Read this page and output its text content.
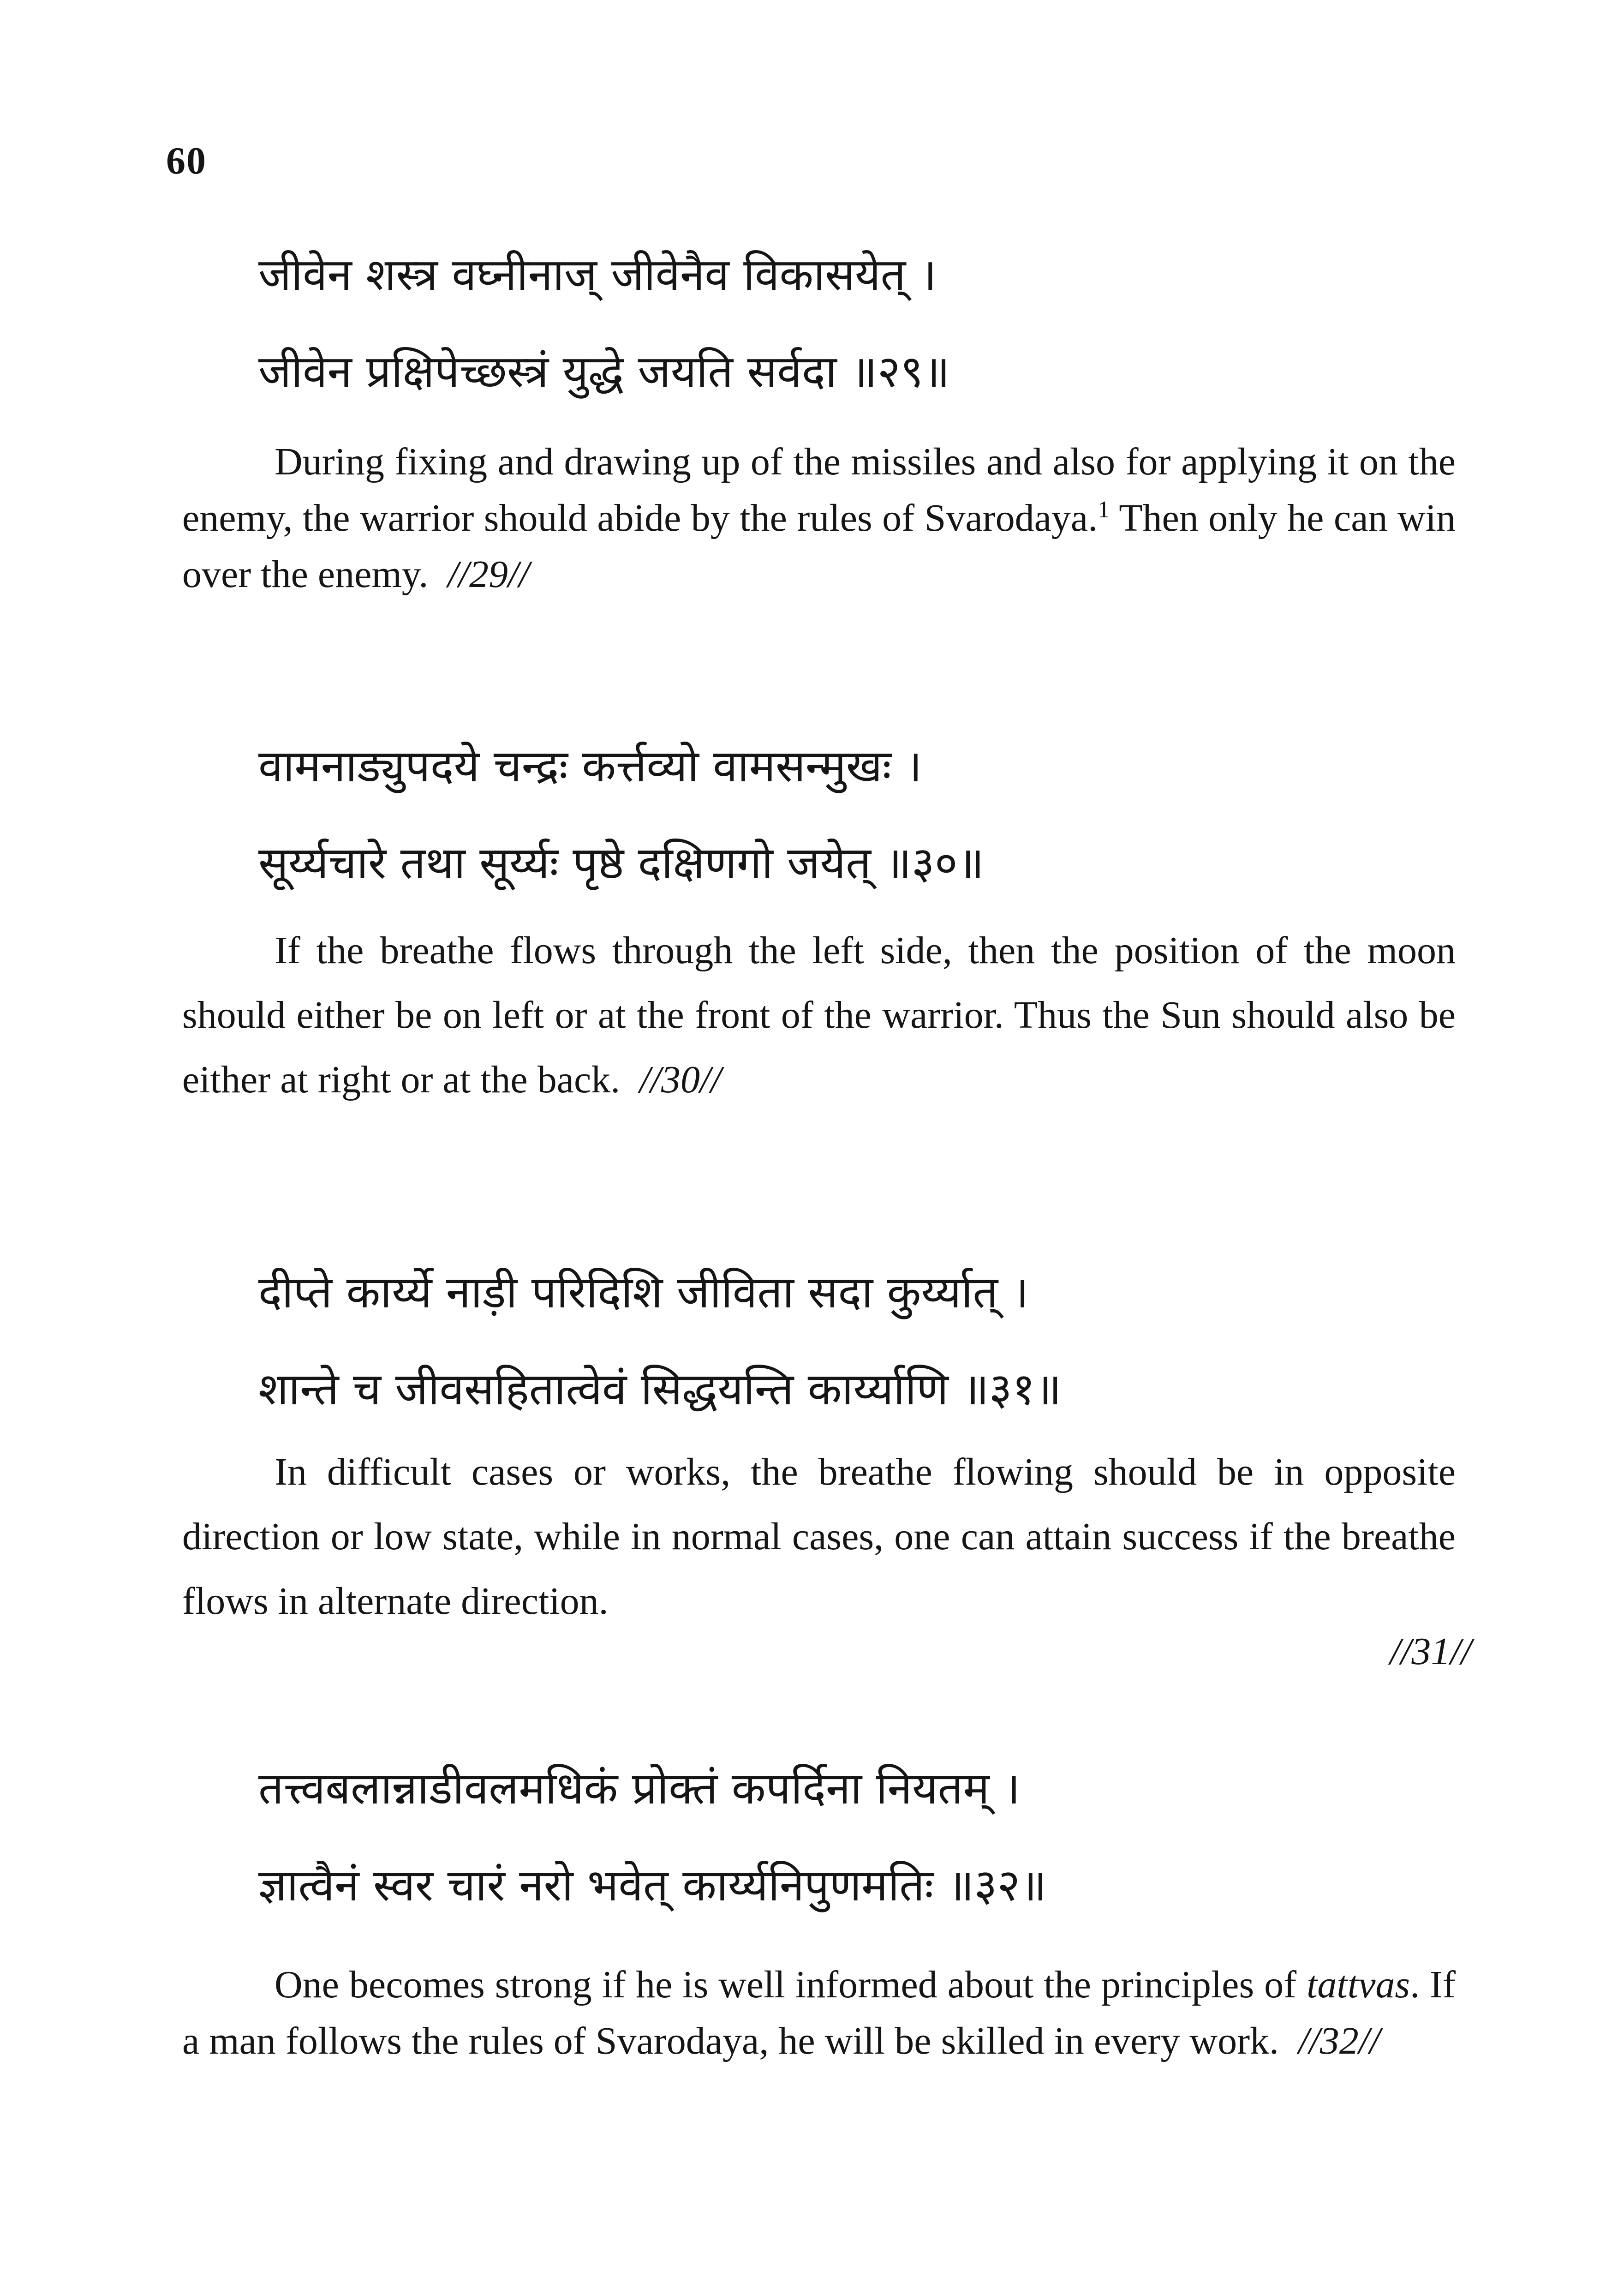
60
जीवेन शस्त्र वघ्नीनाज् जीवेनैव विकासयेत् ।
जीवेन प्रक्षिपेच्छस्त्रं युद्धे जयति सर्वदा ॥२९॥

During fixing and drawing up of the missiles and also for applying it on the enemy, the warrior should abide by the rules of Svarodaya.$^1$ Then only he can win over the enemy. //29//

वामनाड्युपदये चन्द्रः कर्त्तव्यो वामसन्मुखः ।
सूर्य्यचारे तथा सूर्य्यः पृष्ठे दक्षिणगो जयेत् ॥३०॥

If the breathe flows through the left side, then the position of the moon should either be on left or at the front of the warrior. Thus the Sun should also be either at right or at the back. //30//

दीप्ते कार्य्ये नाड़ी परिदिशि जीविता सदा कुर्य्यात् ।
शान्ते च जीवसहितात्वेवं सिद्धयन्ति कार्य्याणि ॥३१॥

In difficult cases or works, the breathe flowing should be in opposite direction or low state, while in normal cases, one can attain success if the breathe flows in alternate direction.

//31//
तत्त्वबलान्नाडीवलमधिकं प्रोक्तं कपर्दिना नियतम् ।
ज्ञात्वैनं स्वर चारं नरो भवेत् कार्य्यनिपुणमतिः ॥३२॥

One becomes strong if he is well informed about the principles of tattvas. If a man follows the rules of Svarodaya, he will be skilled in every work. //32//
